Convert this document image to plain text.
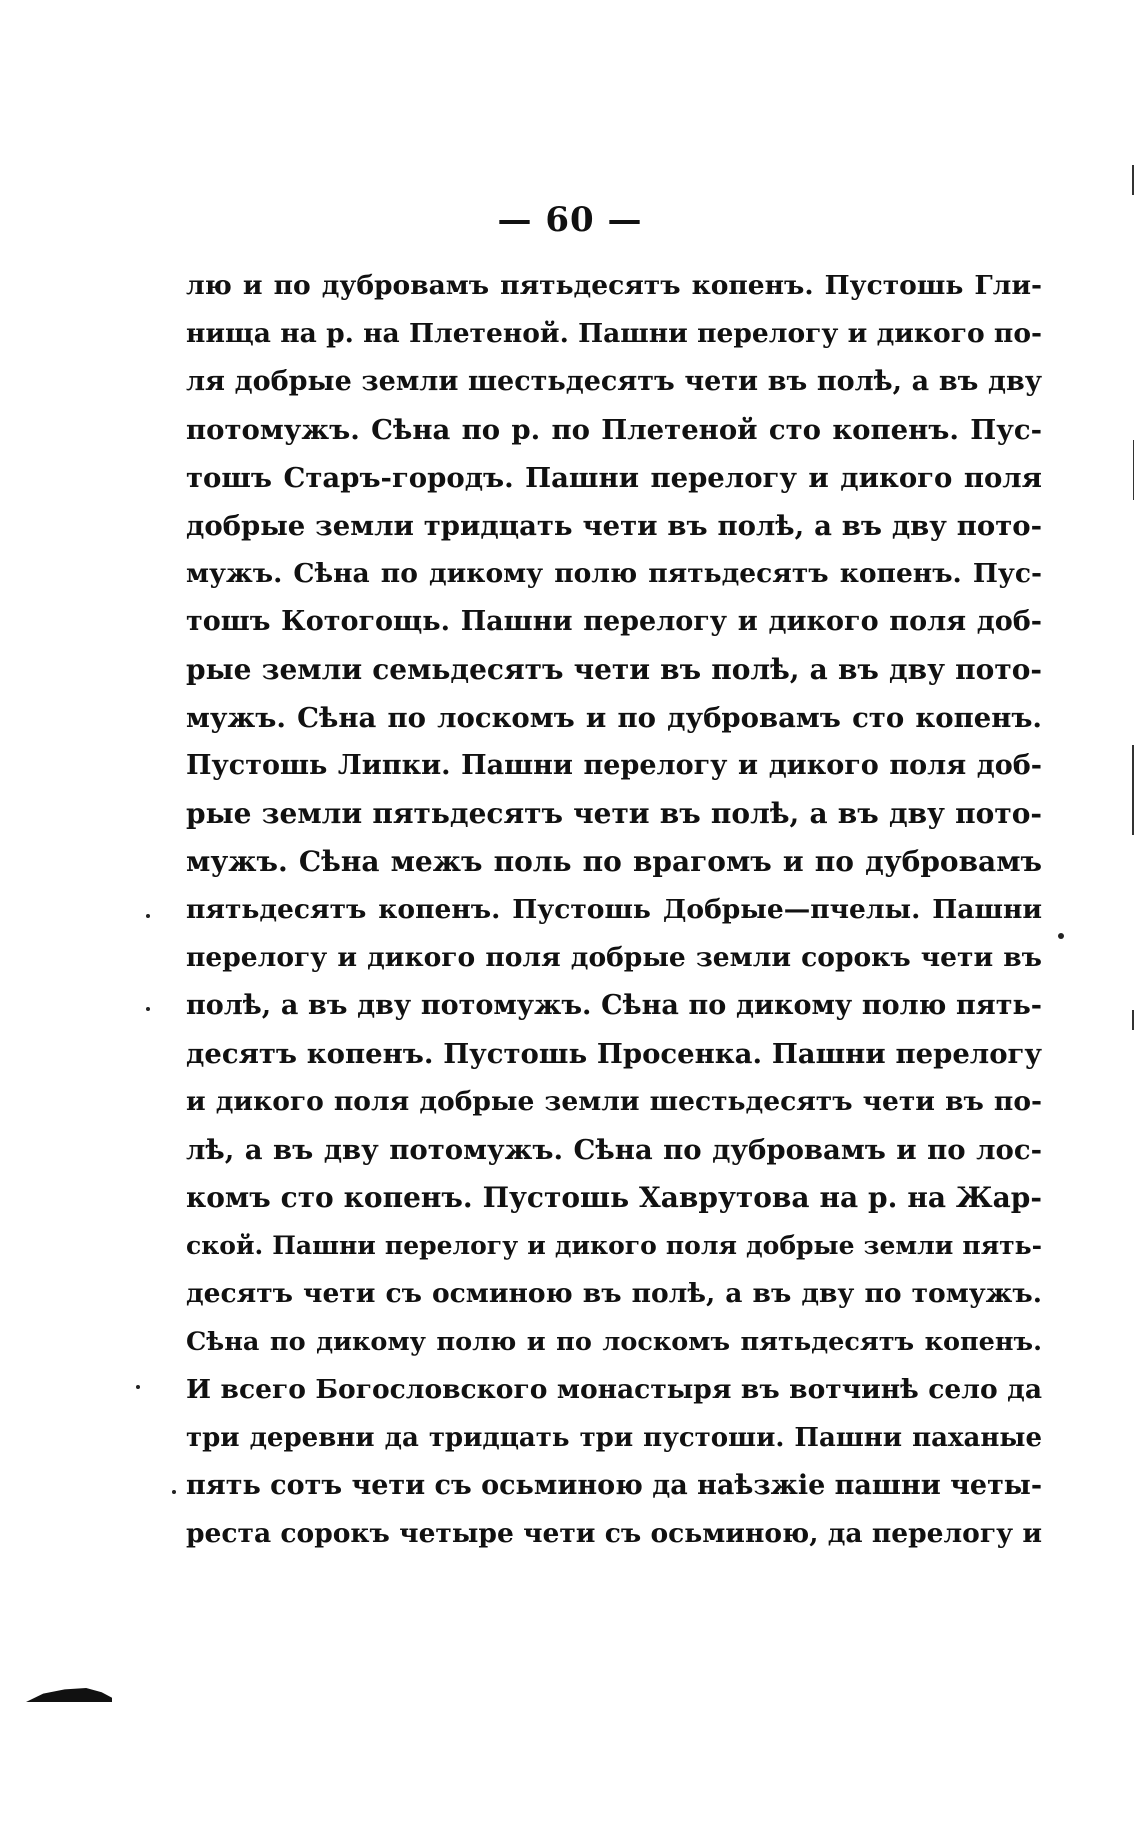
— 60 —
лю и по дубровамъ пятьдесятъ копенъ. Пустошь Гли-
нища на р. на Плетеной. Пашни перелогу и дикого по-
ля добрые земли шестьдесятъ чети въ полѣ, а въ дву
потомужъ. Сѣна по р. по Плетеной сто копенъ. Пус-
тошъ Старъ-городъ. Пашни перелогу и дикого поля
добрые земли тридцать чети въ полѣ, а въ дву пото-
мужъ. Сѣна по дикому полю пятьдесятъ копенъ. Пус-
тошъ Котогощь. Пашни перелогу и дикого поля доб-
рые земли семьдесятъ чети въ полѣ, а въ дву пото-
мужъ. Сѣна по лоскомъ и по дубровамъ сто копенъ.
Пустошь Липки. Пашни перелогу и дикого поля доб-
рые земли пятьдесятъ чети въ полѣ, а въ дву пото-
мужъ. Сѣна межъ поль по врагомъ и по дубровамъ
пятьдесятъ копенъ. Пустошь Добрые—пчелы. Пашни
перелогу и дикого поля добрые земли сорокъ чети въ
полѣ, а въ дву потомужъ. Сѣна по дикому полю пять-
десятъ копенъ. Пустошь Просенка. Пашни перелогу
и дикого поля добрые земли шестьдесятъ чети въ по-
лѣ, а въ дву потомужъ. Сѣна по дубровамъ и по лос-
комъ сто копенъ. Пустошь Хаврутова на р. на Жар-
ской. Пашни перелогу и дикого поля добрые земли пять-
десятъ чети съ осминою въ полѣ, а въ дву по томужъ.
Сѣна по дикому полю и по лоскомъ пятьдесятъ копенъ.
И всего Богословского монастыря въ вотчинѣ село да
три деревни да тридцать три пустоши. Пашни паханые
пять сотъ чети съ осьминою да наѣзжіе пашни четы-
реста сорокъ четыре чети съ осьминою, да перелогу и
